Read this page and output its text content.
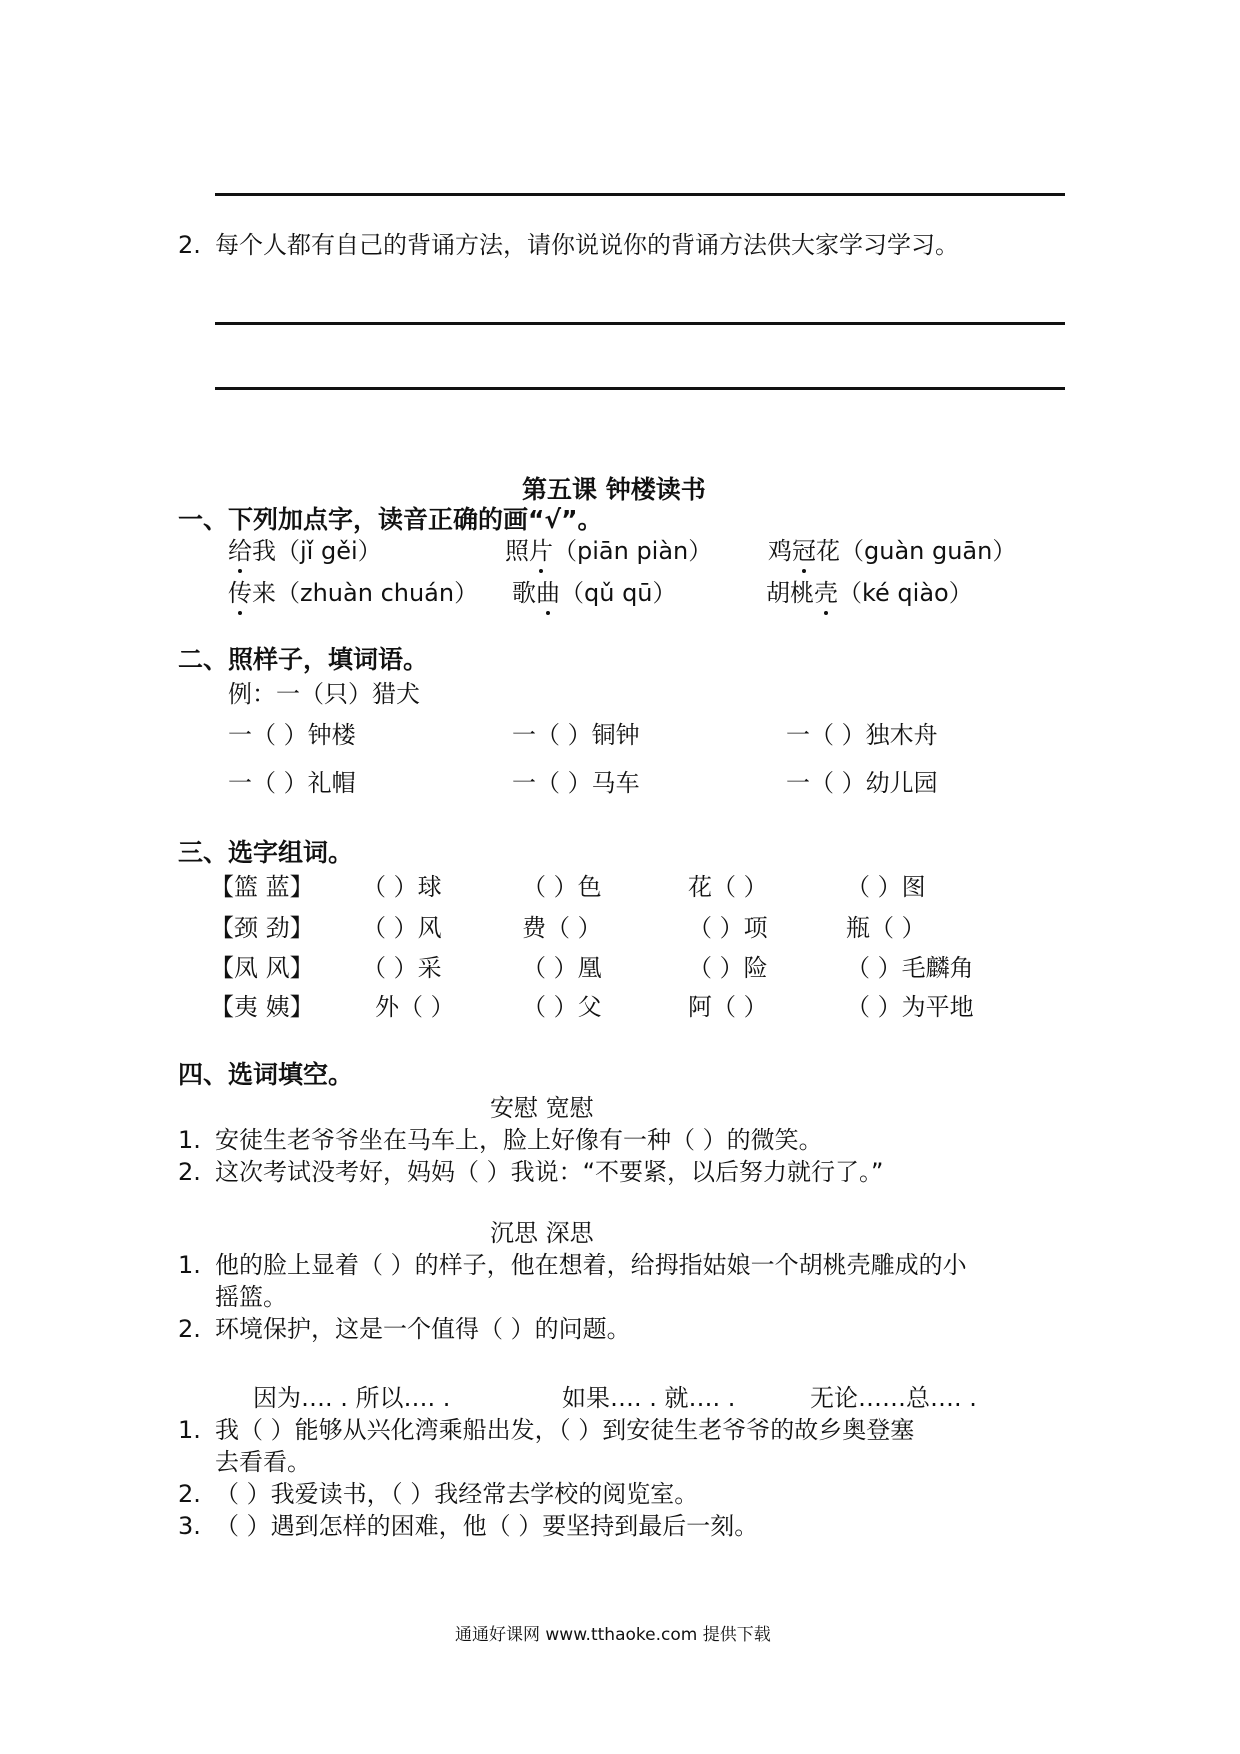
2. 每个人都有自己的背诵方法，请你说说你的背诵方法供大家学习学习。
第五课 钟楼读书
一、下列加点字，读音正确的画“√”。
给我（jǐ gěi）	照片（piān piàn） 鸡冠花（guàn guān）
传来（zhuàn chuán） 歌曲（qǔ qū）	胡桃壳（ké qiào）
二、照样子，填词语。
例：一（只）猎犬
一（ ）钟楼	一（ ）铜钟	一（ ）独木舟
一（ ）礼帽	一（ ）马车	一（ ）幼儿园
三、选字组词。
【篮 蓝】 （ ）球	（ ）色	花（ ）	（ ）图
【颈 劲】 （ ）风	费（ ）	（ ）项	瓶（ ）
【凤 风】 （ ）采	（ ）凰	（ ）险	（ ）毛麟角
【夷 姨】	外（ ）	（ ）父	阿（ ）	（ ）为平地
四、选词填空。
安慰 宽慰
1. 安徒生老爷爷坐在马车上，脸上好像有一种（ ）的微笑。
2. 这次考试没考好，妈妈（ ）我说：“不要紧，以后努力就行了。”
沉思 深思
1. 他的脸上显着（ ）的样子，他在想着，给拇指姑娘一个胡桃壳雕成的小
摇篮。
2. 环境保护，这是一个值得（ ）的问题。
因为…. . 所以…. .	如果…. . 就…. .	无论……总…. .
1. 我（ ）能够从兴化湾乘船出发，（ ）到安徒生老爷爷的故乡奥登塞
去看看。
2. （ ）我爱读书，（ ）我经常去学校的阅览室。
3. （ ）遇到怎样的困难，他（ ）要坚持到最后一刻。
通通好课网 www.tthaoke.com 提供下载
